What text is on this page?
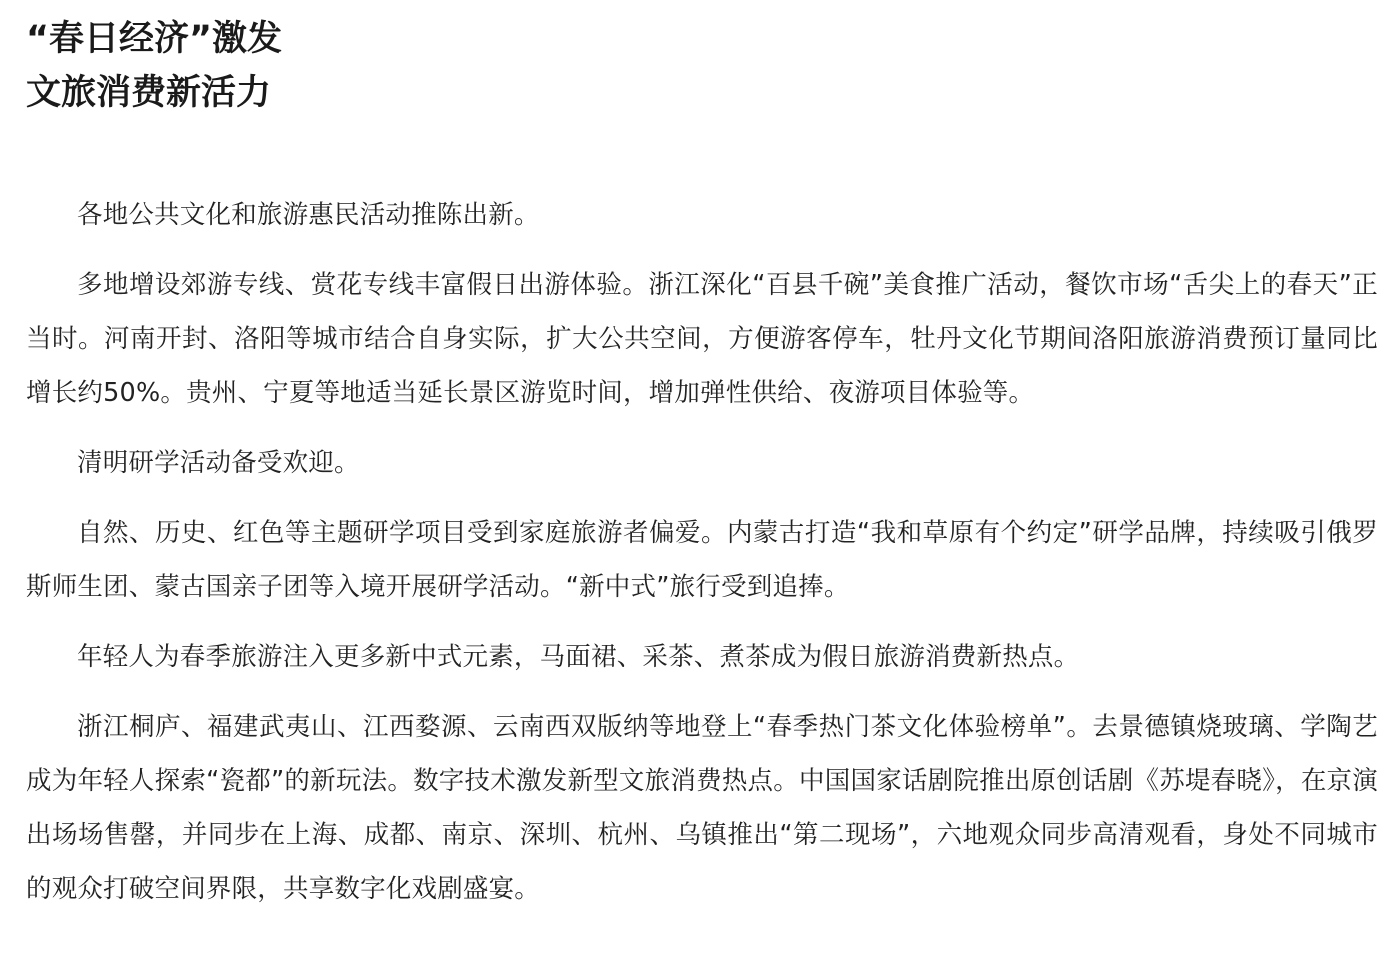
“春日经济”激发
文旅消费新活力

各地公共文化和旅游惠民活动推陈出新。

多地增设郊游专线、赏花专线丰富假日出游体验。浙江深化“百县千碗”美食推广活动，餐饮市场“舌尖上的春天”正当时。河南开封、洛阳等城市结合自身实际，扩大公共空间，方便游客停车，牡丹文化节期间洛阳旅游消费预订量同比增长约50%。贵州、宁夏等地适当延长景区游览时间，增加弹性供给、夜游项目体验等。

清明研学活动备受欢迎。

自然、历史、红色等主题研学项目受到家庭旅游者偏爱。内蒙古打造“我和草原有个约定”研学品牌，持续吸引俄罗斯师生团、蒙古国亲子团等入境开展研学活动。“新中式”旅行受到追捧。

年轻人为春季旅游注入更多新中式元素，马面裙、采茶、煮茶成为假日旅游消费新热点。

浙江桐庐、福建武夷山、江西婺源、云南西双版纳等地登上“春季热门茶文化体验榜单”。去景德镇烧玻璃、学陶艺成为年轻人探索“瓷都”的新玩法。数字技术激发新型文旅消费热点。中国国家话剧院推出原创话剧《苏堤春晓》，在京演出场场售罄，并同步在上海、成都、南京、深圳、杭州、乌镇推出“第二现场”，六地观众同步高清观看，身处不同城市的观众打破空间界限，共享数字化戏剧盛宴。
